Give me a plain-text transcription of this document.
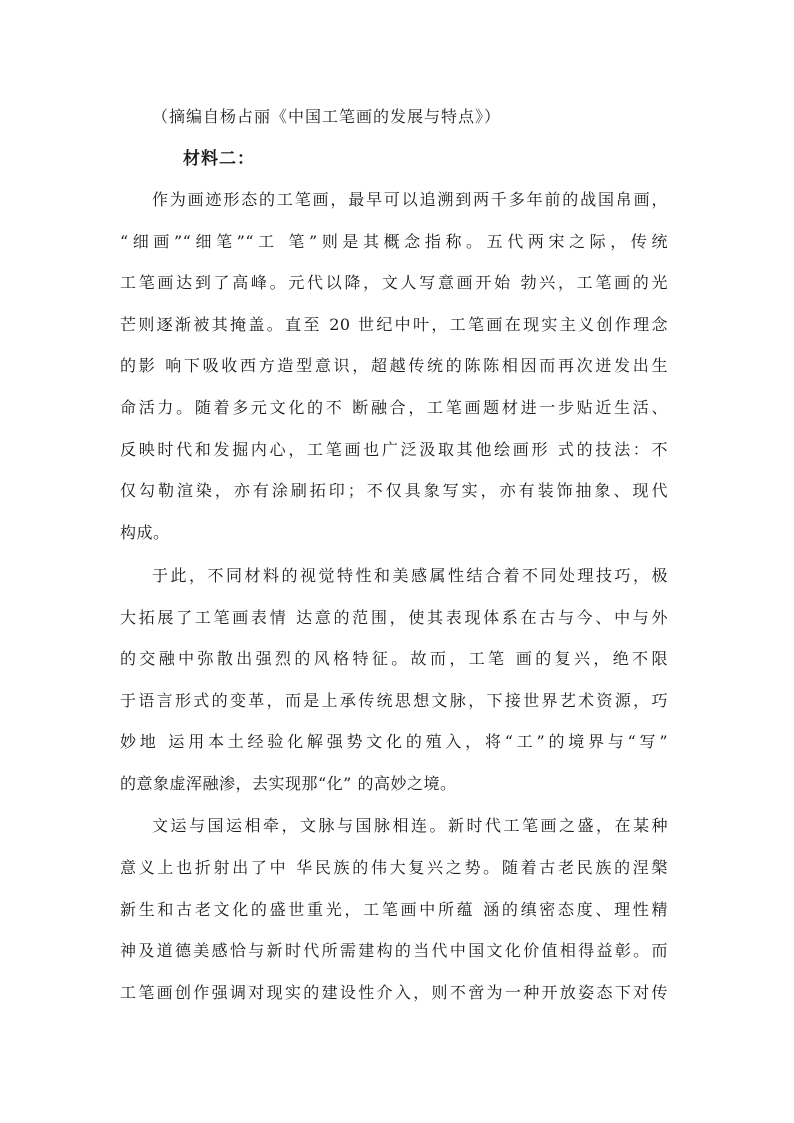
（摘编自杨占丽《中国工笔画的发展与特点》）
材料二：
作为画迹形态的工笔画，最早可以追溯到两千多年前的战国帛画，
“细画”“细笔”“工 笔”则是其概念指称。五代两宋之际，传统
工笔画达到了高峰。元代以降，文人写意画开始 勃兴，工笔画的光
芒则逐渐被其掩盖。直至 20 世纪中叶，工笔画在现实主义创作理念
的影 响下吸收西方造型意识，超越传统的陈陈相因而再次迸发出生
命活力。随着多元文化的不 断融合，工笔画题材进一步贴近生活、
反映时代和发掘内心，工笔画也广泛汲取其他绘画形 式的技法：不
仅勾勒渲染，亦有涂刷拓印；不仅具象写实，亦有装饰抽象、现代
构成。
于此，不同材料的视觉特性和美感属性结合着不同处理技巧，极
大拓展了工笔画表情 达意的范围，使其表现体系在古与今、中与外
的交融中弥散出强烈的风格特征。故而，工笔 画的复兴，绝不限
于语言形式的变革，而是上承传统思想文脉，下接世界艺术资源，巧
妙地 运用本土经验化解强势文化的殖入，将“工”的境界与“写”
的意象虚浑融渗，去实现那“化” 的高妙之境。
文运与国运相牵，文脉与国脉相连。新时代工笔画之盛，在某种
意义上也折射出了中 华民族的伟大复兴之势。随着古老民族的涅槃
新生和古老文化的盛世重光，工笔画中所蕴 涵的缜密态度、理性精
神及道德美感恰与新时代所需建构的当代中国文化价值相得益彰。而
工笔画创作强调对现实的建设性介入，则不啻为一种开放姿态下对传
